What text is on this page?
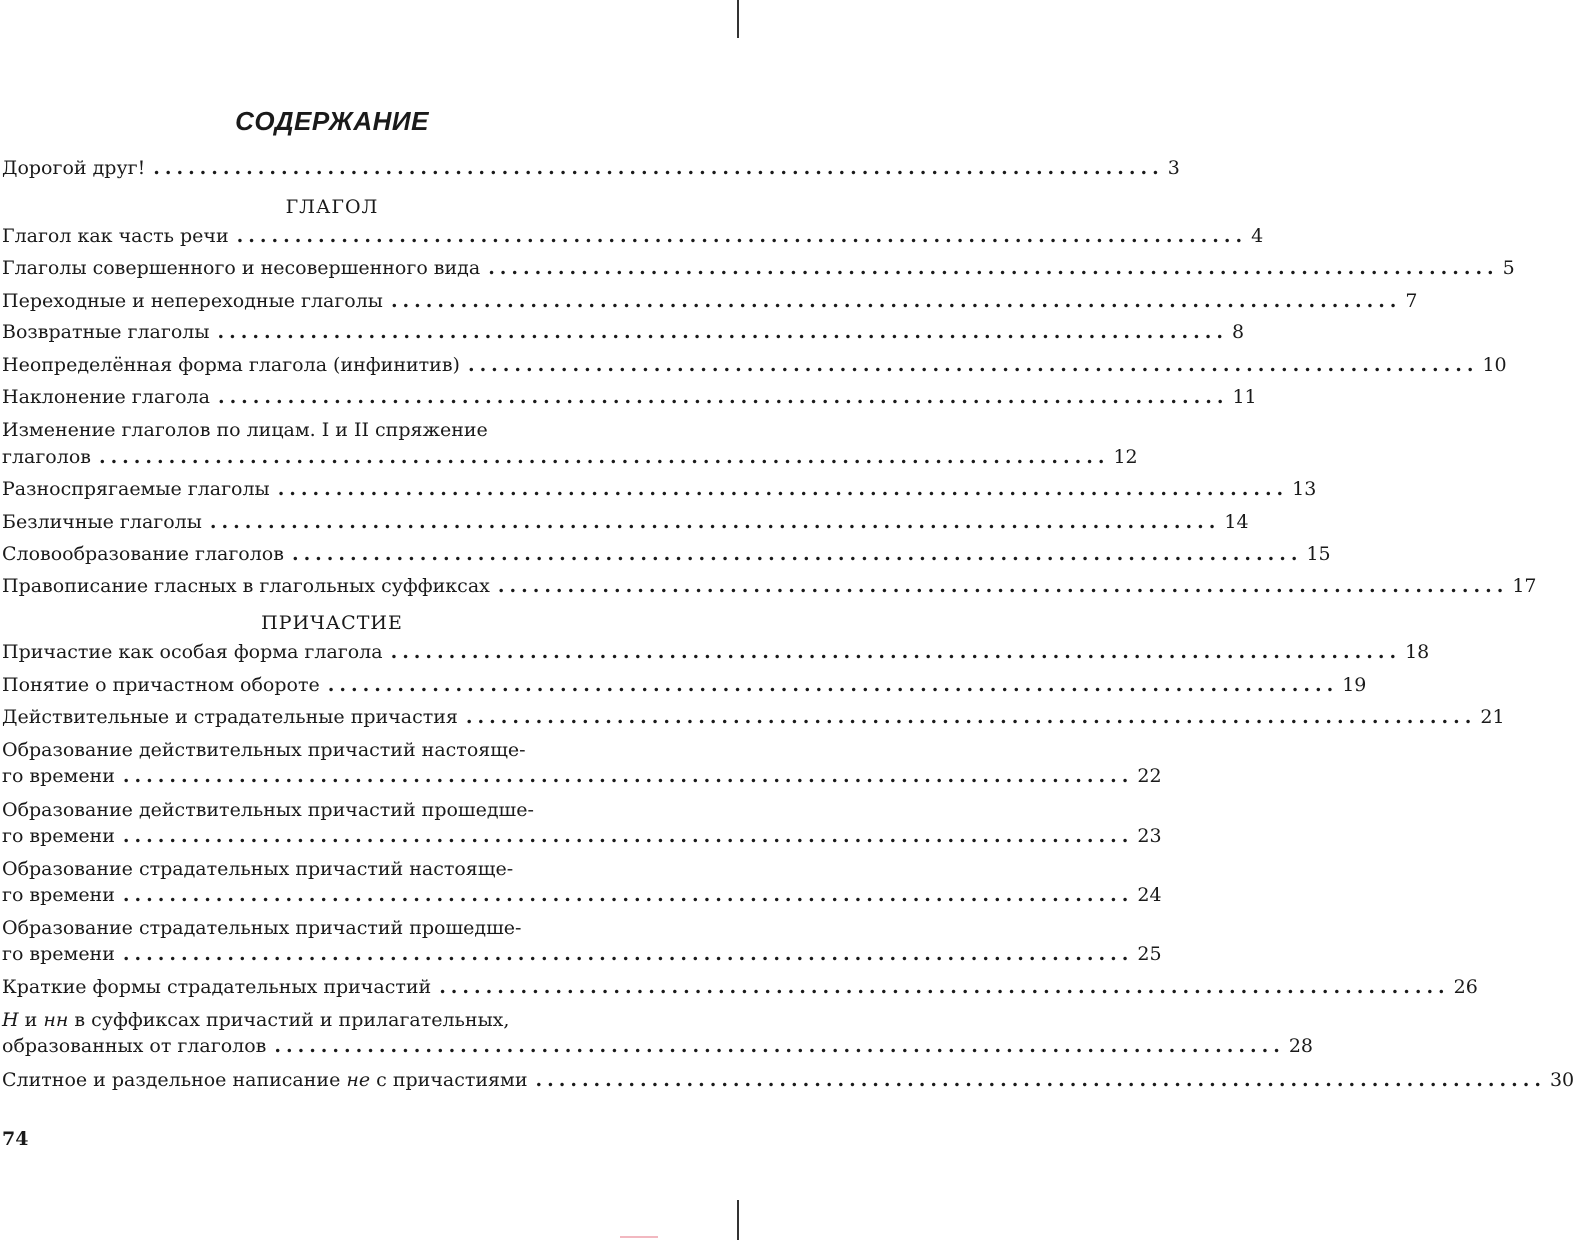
СОДЕРЖАНИЕ
Дорогой друг! ....................................................................................... 3
ГЛАГОЛ
Глагол как часть речи ....................................................................................... 4
Глаголы совершенного и несовершенного вида ....................................................................................... 5
Переходные и непереходные глаголы ....................................................................................... 7
Возвратные глаголы ....................................................................................... 8
Неопределённая форма глагола (инфинитив) ....................................................................................... 10
Наклонение глагола ....................................................................................... 11
Изменение глаголов по лицам. I и II спряжение
глаголов ....................................................................................... 12
Разноспрягаемые глаголы ....................................................................................... 13
Безличные глаголы ....................................................................................... 14
Словообразование глаголов ....................................................................................... 15
Правописание гласных в глагольных суффиксах ....................................................................................... 17
ПРИЧАСТИЕ
Причастие как особая форма глагола ....................................................................................... 18
Понятие о причастном обороте ....................................................................................... 19
Действительные и страдательные причастия ....................................................................................... 21
Образование действительных причастий настояще-
го времени ....................................................................................... 22
Образование действительных причастий прошедше-
го времени ....................................................................................... 23
Образование страдательных причастий настояще-
го времени ....................................................................................... 24
Образование страдательных причастий прошедше-
го времени ....................................................................................... 25
Краткие формы страдательных причастий ....................................................................................... 26
Н и нн в суффиксах причастий и прилагательных,
образованных от глаголов ....................................................................................... 28
Слитное и раздельное написание не с причастиями ....................................................................................... 30
74
